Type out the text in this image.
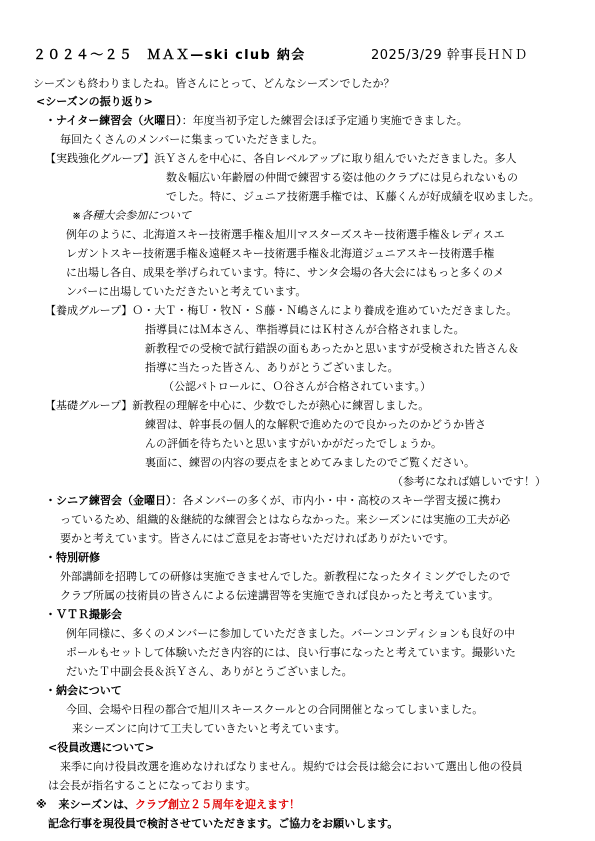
２０２４～２５　ＭＡＸ—ski club 納会	2025/3/29 幹事長ＨＮＤ
シーズンも終わりましたね。皆さんにとって、どんなシーズンでしたか？
<シーズンの振り返り>
・ナイター練習会（火曜日）：年度当初予定した練習会ほぼ予定通り実施できました。
毎回たくさんのメンバーに集まっていただきました。
【実践強化グループ】浜Ｙさんを中心に、各自レベルアップに取り組んでいただきました。多人
数＆幅広い年齢層の仲間で練習する姿は他のクラブには見られないもの
でした。特に、ジュニア技術選手権では、Ｋ藤くんが好成績を収めました。
※各種大会参加について
例年のように、北海道スキー技術選手権＆旭川マスターズスキー技術選手権＆レディスエ
レガントスキー技術選手権＆遠軽スキー技術選手権＆北海道ジュニアスキー技術選手権
に出場し各自、成果を挙げられています。特に、サンタ会場の各大会にはもっと多くのメ
ンバーに出場していただきたいと考えています。
【養成グループ】Ｏ・大Ｔ・梅Ｕ・牧Ｎ・Ｓ藤・Ｎ嶋さんにより養成を進めていただきました。
指導員にはＭ本さん、準指導員にはＫ村さんが合格されました。
新教程での受検で試行錯誤の面もあったかと思いますが受検された皆さん＆
指導に当たった皆さん、ありがとうございました。
（公認パトロールに、Ｏ谷さんが合格されています。）
【基礎グループ】新教程の理解を中心に、少数でしたが熱心に練習しました。
練習は、幹事長の個人的な解釈で進めたので良かったのかどうか皆さ
んの評価を待ちたいと思いますがいかがだったでしょうか。
裏面に、練習の内容の要点をまとめてみましたのでご覧ください。
（参考になれば嬉しいです！）
・シニア練習会（金曜日）：各メンバーの多くが、市内小・中・高校のスキー学習支援に携わ
っているため、組織的＆継続的な練習会とはならなかった。来シーズンには実施の工夫が必
要かと考えています。皆さんにはご意見をお寄せいただければありがたいです。
・特別研修
外部講師を招聘しての研修は実施できませんでした。新教程になったタイミングでしたので
クラブ所属の技術員の皆さんによる伝達講習等を実施できれば良かったと考えています。
・ＶＴＲ撮影会
例年同様に、多くのメンバーに参加していただきました。バーンコンディションも良好の中
ポールもセットして体験いただき内容的には、良い行事になったと考えています。撮影いた
だいたＴ中副会長＆浜Ｙさん、ありがとうございました。
・納会について
今回、会場や日程の都合で旭川スキースクールとの合同開催となってしまいました。
来シーズンに向けて工夫していきたいと考えています。
<役員改選について>
来季に向け役員改選を進めなければなりません。規約では会長は総会において選出し他の役員
は会長が指名することになっております。
※ 来シーズンは、クラブ創立２５周年を迎えます！
記念行事を現役員で検討させていただきます。ご協力をお願いします。
